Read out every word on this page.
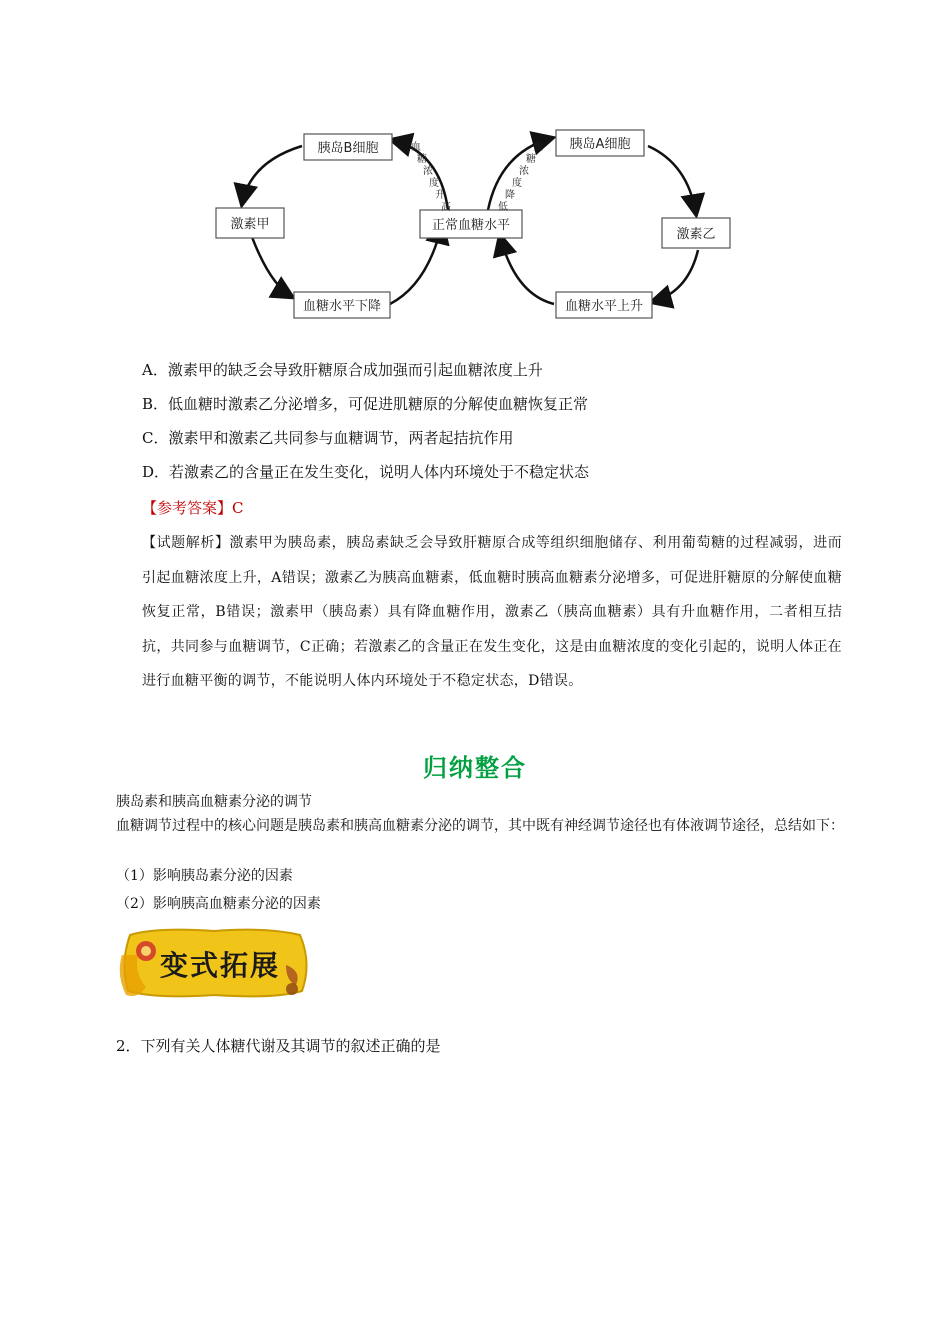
胰岛B细胞	胰岛A细胞
激素甲
激素乙
正常血糖水平
血糖水平下降	血糖水平上升
血
糖
浓
度
升
高
血
糖
浓
度
降
低
A．激素甲的缺乏会导致肝糖原合成加强而引起血糖浓度上升
B．低血糖时激素乙分泌增多，可促进肌糖原的分解使血糖恢复正常
C．激素甲和激素乙共同参与血糖调节，两者起拮抗作用
D．若激素乙的含量正在发生变化，说明人体内环境处于不稳定状态
【参考答案】C
【试题解析】激素甲为胰岛素，胰岛素缺乏会导致肝糖原合成等组织细胞储存、利用葡萄糖的过程减弱，进而引起血糖浓度上升，A错误；激素乙为胰高血糖素，低血糖时胰高血糖素分泌增多，可促进肝糖原的分解使血糖恢复正常，B错误；激素甲（胰岛素）具有降血糖作用，激素乙（胰高血糖素）具有升血糖作用，二者相互拮抗，共同参与血糖调节，C正确；若激素乙的含量正在发生变化，这是由血糖浓度的变化引起的，说明人体正在进行血糖平衡的调节，不能说明人体内环境处于不稳定状态，D错误。
归纳整合
胰岛素和胰高血糖素分泌的调节
血糖调节过程中的核心问题是胰岛素和胰高血糖素分泌的调节，其中既有神经调节途径也有体液调节途径，总结如下：
（1）影响胰岛素分泌的因素
（2）影响胰高血糖素分泌的因素
变式拓展
2．下列有关人体糖代谢及其调节的叙述正确的是
